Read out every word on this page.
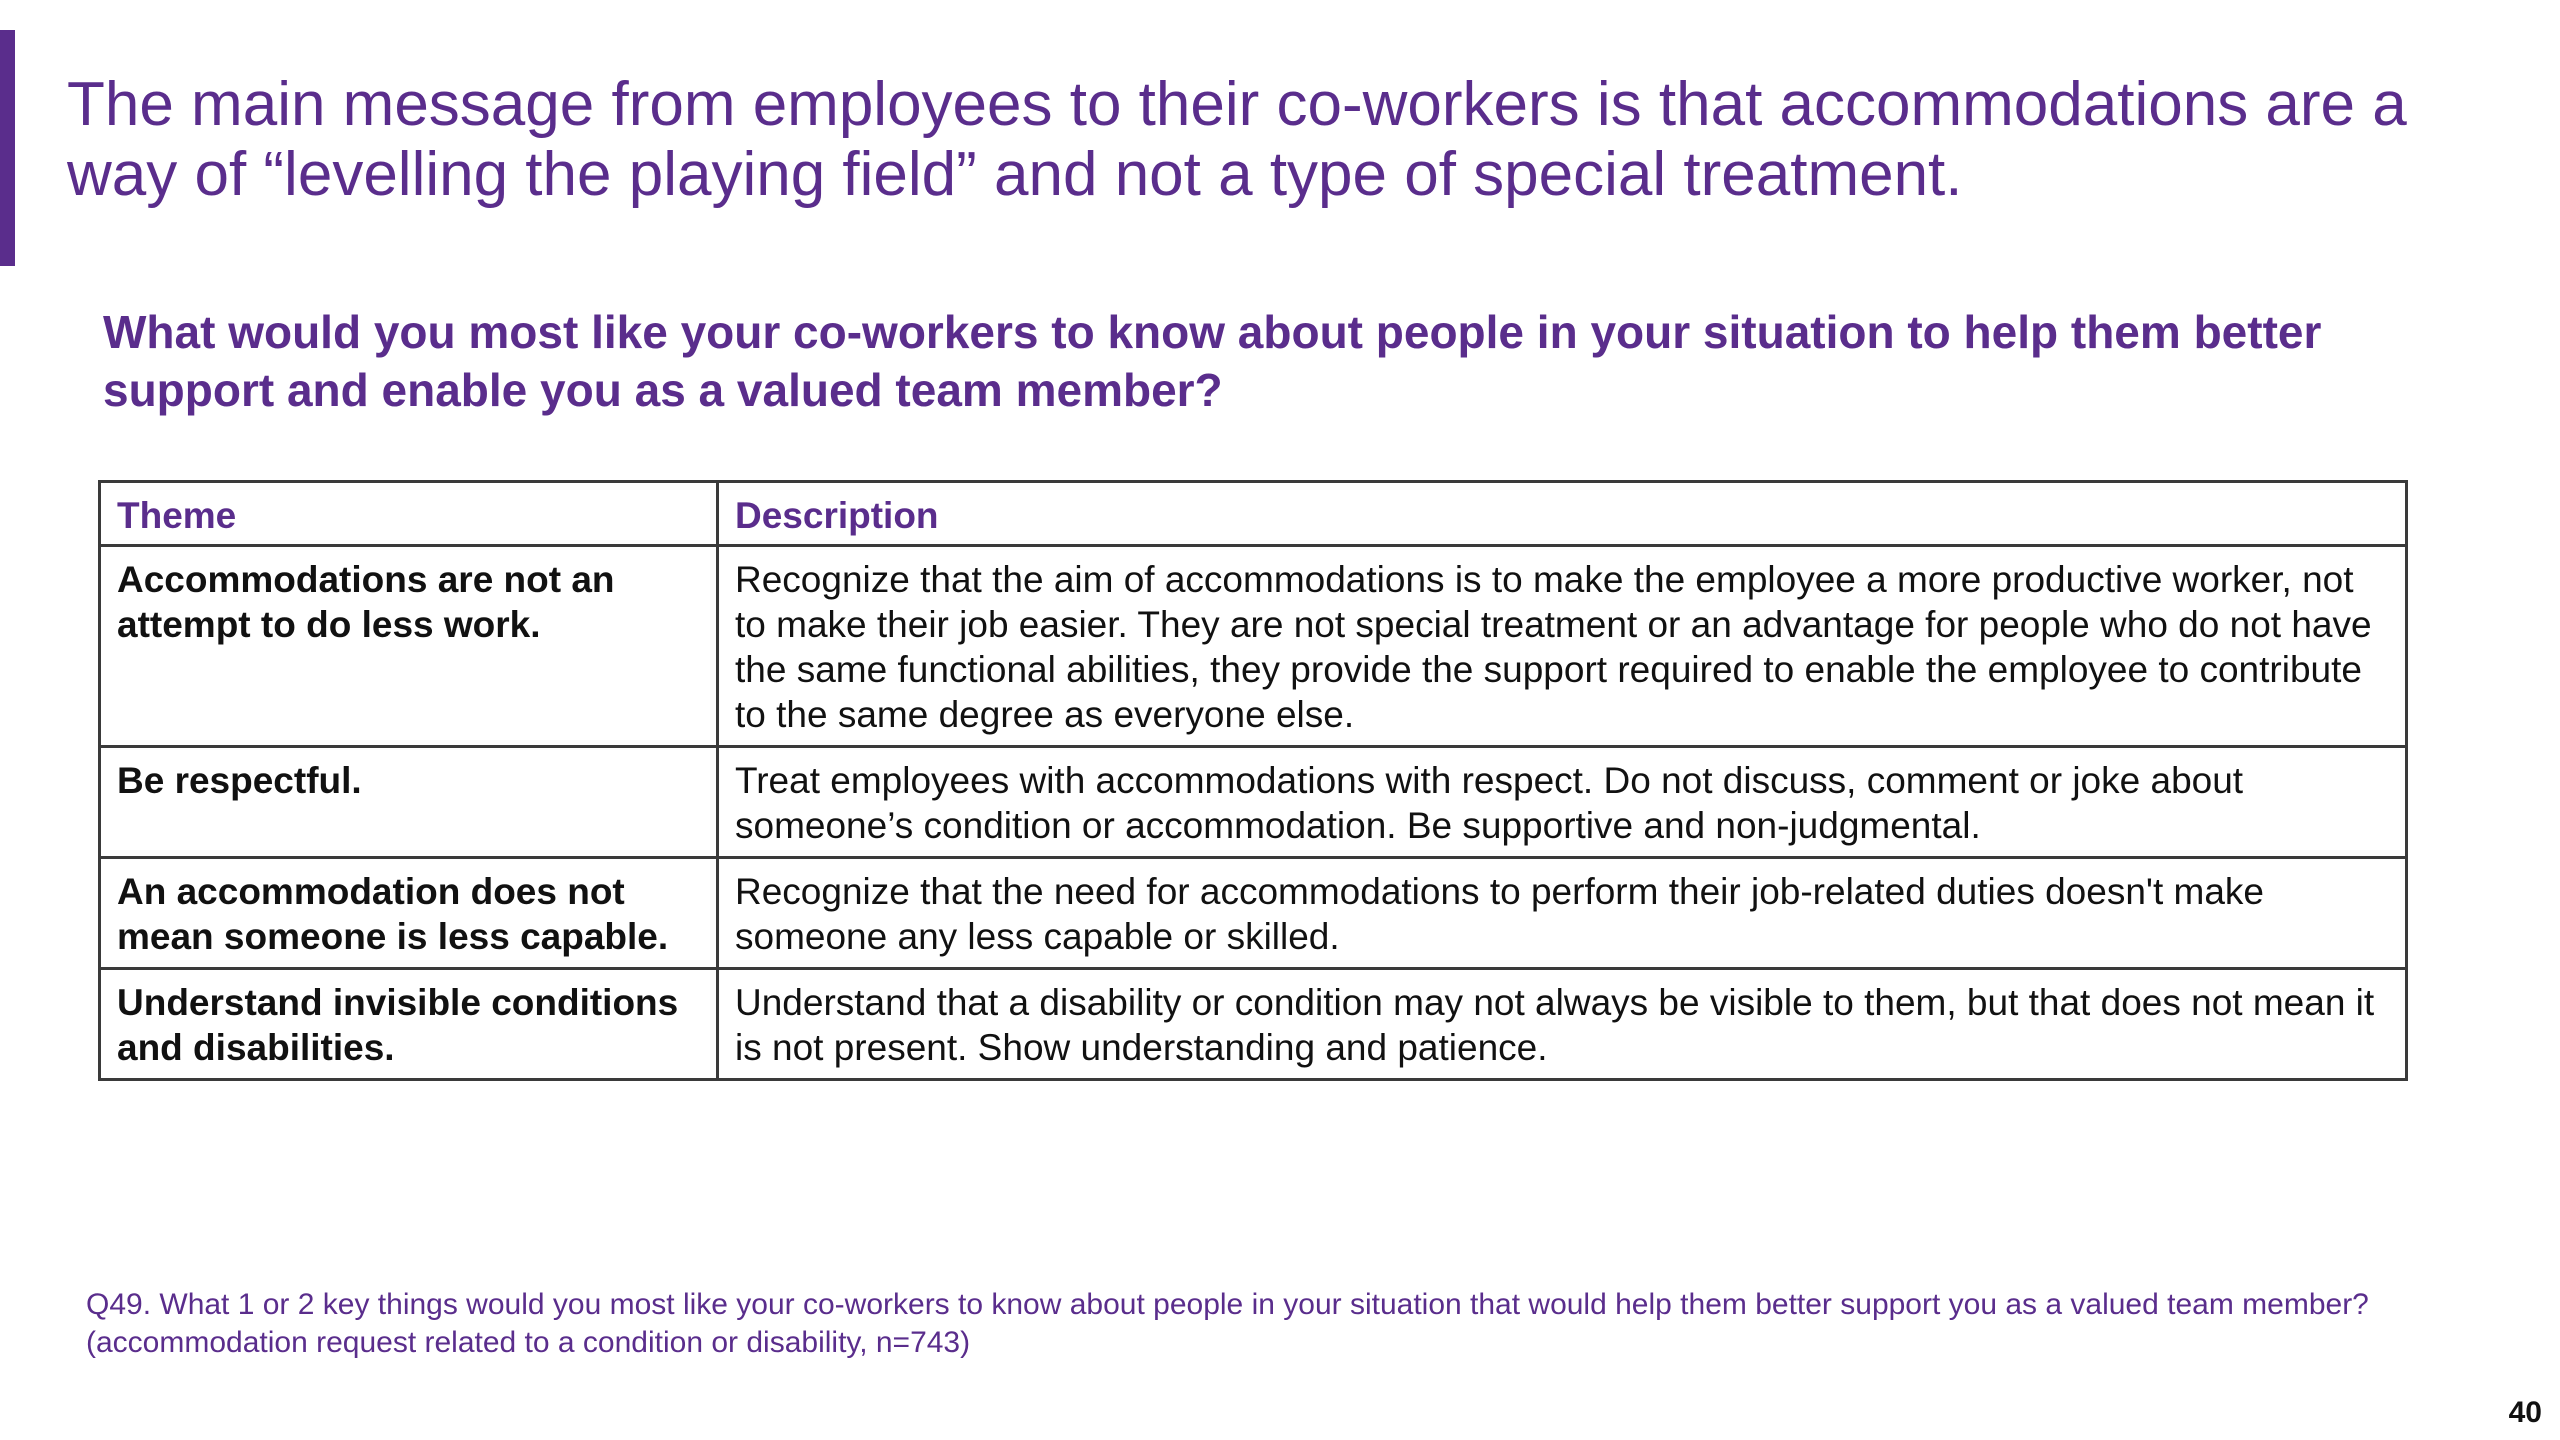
The main message from employees to their co-workers is that accommodations are a way of “levelling the playing field” and not a type of special treatment.
What would you most like your co-workers to know about people in your situation to help them better support and enable you as a valued team member?
Theme	Description
Accommodations are not an attempt to do less work.	Recognize that the aim of accommodations is to make the employee a more productive worker, not to make their job easier. They are not special treatment or an advantage for people who do not have the same functional abilities, they provide the support required to enable the employee to contribute to the same degree as everyone else.
Be respectful.	Treat employees with accommodations with respect. Do not discuss, comment or joke about someone’s condition or accommodation. Be supportive and non-judgmental.
An accommodation does not mean someone is less capable.	Recognize that the need for accommodations to perform their job-related duties doesn't make someone any less capable or skilled.
Understand invisible conditions and disabilities.	Understand that a disability or condition may not always be visible to them, but that does not mean it is not present. Show understanding and patience.

Q49. What 1 or 2 key things would you most like your co-workers to know about people in your situation that would help them better support you as a valued team member? (accommodation request related to a condition or disability, n=743)

40
